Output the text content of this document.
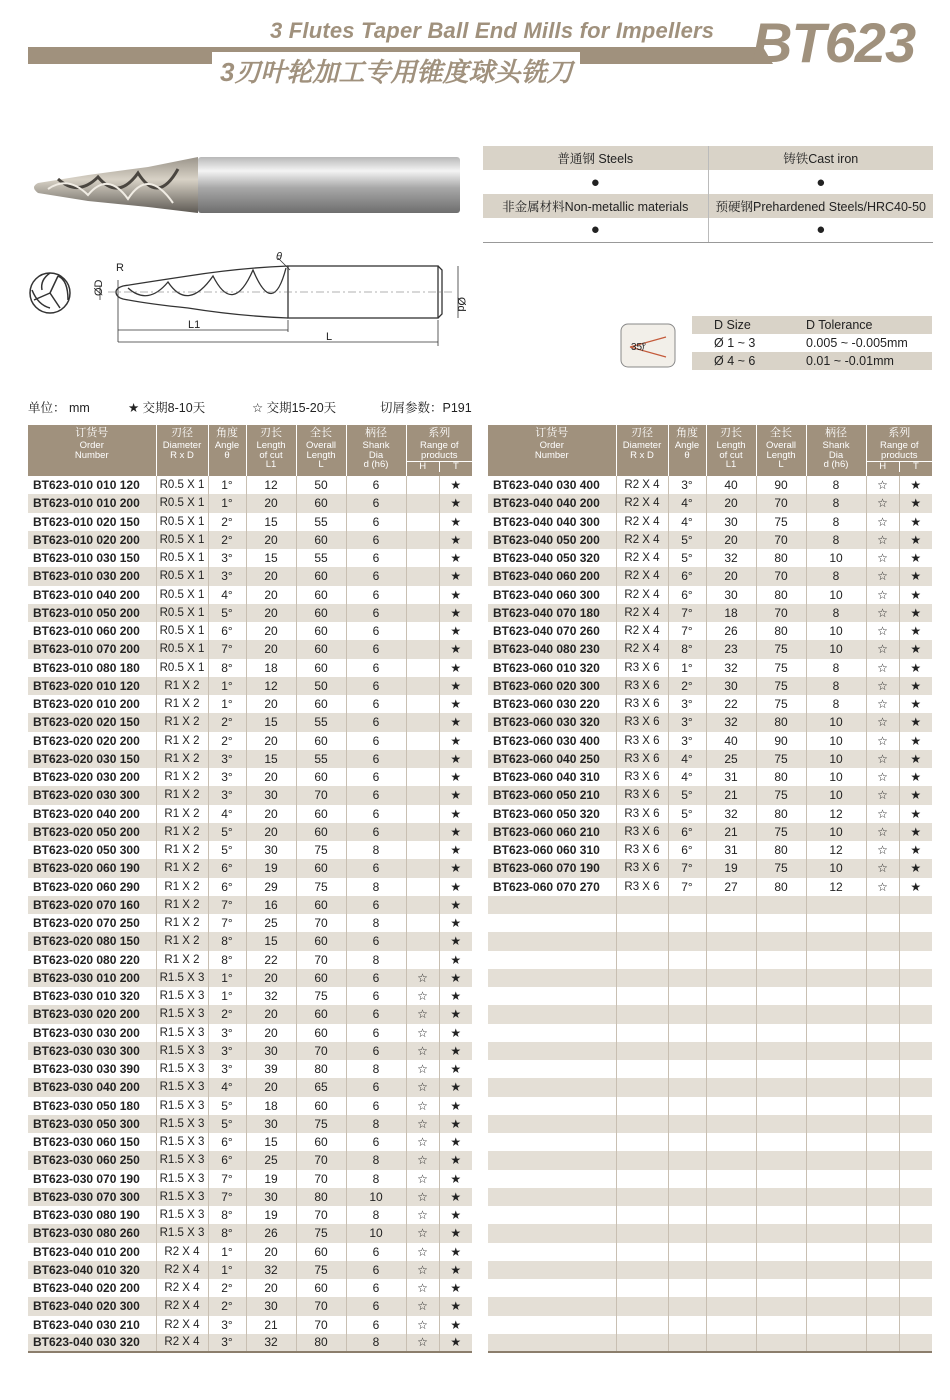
3 Flutes Taper Ball End Mills for Impellers
3刃叶轮加工专用锥度球头铣刀	BT623
R
θ
ØD
Ød
L1
L
普通钢 Steels	铸铁Cast iron
●	●
非金属材料Non-metallic materials	预硬钢Prehardened Steels/HRC40-50
●	●
35°
D Size	D Tolerance
Ø 1 ~ 3	0.005 ~ -0.005mm
Ø 4 ~ 6	0.01 ~ -0.01mm
单位： mm	★ 交期8-10天	☆ 交期15-20天	切屑参数：P191
订货号
Order
Number	刃径
Diameter
R x D	角度
Angle
θ	刃长
Length
of cut
L1	全长
Overall
Length
L	柄径
Shank
Dia
d (h6)	系列
Range of
products
H T	

BT623-010 010 120	R0.5 X 1	1°	12	50	6		★
BT623-010 010 200	R0.5 X 1	1°	20	60	6		★
BT623-010 020 150	R0.5 X 1	2°	15	55	6		★
BT623-010 020 200	R0.5 X 1	2°	20	60	6		★
BT623-010 030 150	R0.5 X 1	3°	15	55	6		★
BT623-010 030 200	R0.5 X 1	3°	20	60	6		★
BT623-010 040 200	R0.5 X 1	4°	20	60	6		★
BT623-010 050 200	R0.5 X 1	5°	20	60	6		★
BT623-010 060 200	R0.5 X 1	6°	20	60	6		★
BT623-010 070 200	R0.5 X 1	7°	20	60	6		★
BT623-010 080 180	R0.5 X 1	8°	18	60	6		★
BT623-020 010 120	R1 X 2	1°	12	50	6		★
BT623-020 010 200	R1 X 2	1°	20	60	6		★
BT623-020 020 150	R1 X 2	2°	15	55	6		★
BT623-020 020 200	R1 X 2	2°	20	60	6		★
BT623-020 030 150	R1 X 2	3°	15	55	6		★
BT623-020 030 200	R1 X 2	3°	20	60	6		★
BT623-020 030 300	R1 X 2	3°	30	70	6		★
BT623-020 040 200	R1 X 2	4°	20	60	6		★
BT623-020 050 200	R1 X 2	5°	20	60	6		★
BT623-020 050 300	R1 X 2	5°	30	75	8		★
BT623-020 060 190	R1 X 2	6°	19	60	6		★
BT623-020 060 290	R1 X 2	6°	29	75	8		★
BT623-020 070 160	R1 X 2	7°	16	60	6		★
BT623-020 070 250	R1 X 2	7°	25	70	8		★
BT623-020 080 150	R1 X 2	8°	15	60	6		★
BT623-020 080 220	R1 X 2	8°	22	70	8		★
BT623-030 010 200	R1.5 X 3	1°	20	60	6	☆	★
BT623-030 010 320	R1.5 X 3	1°	32	75	6	☆	★
BT623-030 020 200	R1.5 X 3	2°	20	60	6	☆	★
BT623-030 030 200	R1.5 X 3	3°	20	60	6	☆	★
BT623-030 030 300	R1.5 X 3	3°	30	70	6	☆	★
BT623-030 030 390	R1.5 X 3	3°	39	80	8	☆	★
BT623-030 040 200	R1.5 X 3	4°	20	65	6	☆	★
BT623-030 050 180	R1.5 X 3	5°	18	60	6	☆	★
BT623-030 050 300	R1.5 X 3	5°	30	75	8	☆	★
BT623-030 060 150	R1.5 X 3	6°	15	60	6	☆	★
BT623-030 060 250	R1.5 X 3	6°	25	70	8	☆	★
BT623-030 070 190	R1.5 X 3	7°	19	70	8	☆	★
BT623-030 070 300	R1.5 X 3	7°	30	80	10	☆	★
BT623-030 080 190	R1.5 X 3	8°	19	70	8	☆	★
BT623-030 080 260	R1.5 X 3	8°	26	75	10	☆	★
BT623-040 010 200	R2 X 4	1°	20	60	6	☆	★
BT623-040 010 320	R2 X 4	1°	32	75	6	☆	★
BT623-040 020 200	R2 X 4	2°	20	60	6	☆	★
BT623-040 020 300	R2 X 4	2°	30	70	6	☆	★
BT623-040 030 210	R2 X 4	3°	21	70	6	☆	★
BT623-040 030 320	R2 X 4	3°	32	80	8	☆	★
订货号
Order
Number	刃径
Diameter
R x D	角度
Angle
θ	刃长
Length
of cut
L1	全长
Overall
Length
L	柄径
Shank
Dia
d (h6)	系列
Range of
products
H T	

BT623-040 030 400	R2 X 4	3°	40	90	8	☆	★
BT623-040 040 200	R2 X 4	4°	20	70	8	☆	★
BT623-040 040 300	R2 X 4	4°	30	75	8	☆	★
BT623-040 050 200	R2 X 4	5°	20	70	8	☆	★
BT623-040 050 320	R2 X 4	5°	32	80	10	☆	★
BT623-040 060 200	R2 X 4	6°	20	70	8	☆	★
BT623-040 060 300	R2 X 4	6°	30	80	10	☆	★
BT623-040 070 180	R2 X 4	7°	18	70	8	☆	★
BT623-040 070 260	R2 X 4	7°	26	80	10	☆	★
BT623-040 080 230	R2 X 4	8°	23	75	10	☆	★
BT623-060 010 320	R3 X 6	1°	32	75	8	☆	★
BT623-060 020 300	R3 X 6	2°	30	75	8	☆	★
BT623-060 030 220	R3 X 6	3°	22	75	8	☆	★
BT623-060 030 320	R3 X 6	3°	32	80	10	☆	★
BT623-060 030 400	R3 X 6	3°	40	90	10	☆	★
BT623-060 040 250	R3 X 6	4°	25	75	10	☆	★
BT623-060 040 310	R3 X 6	4°	31	80	10	☆	★
BT623-060 050 210	R3 X 6	5°	21	75	10	☆	★
BT623-060 050 320	R3 X 6	5°	32	80	12	☆	★
BT623-060 060 210	R3 X 6	6°	21	75	10	☆	★
BT623-060 060 310	R3 X 6	6°	31	80	12	☆	★
BT623-060 070 190	R3 X 6	7°	19	75	10	☆	★
BT623-060 070 270	R3 X 6	7°	27	80	12	☆	★
